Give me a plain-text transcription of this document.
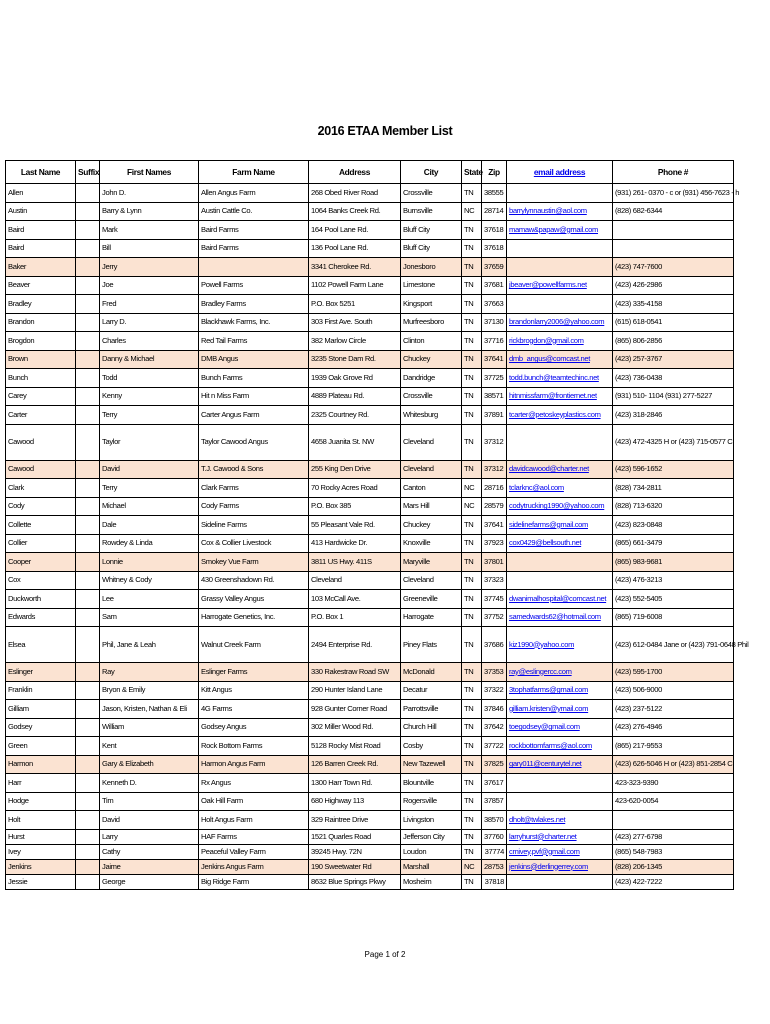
2016 ETAA Member List
Last Name	Suffix	First Names	Farm Name	Address	City	State	Zip	email address	Phone #
Allen		John D.	Allen Angus Farm	268 Obed River Road	Crossville	TN	38555		(931) 261- 0370 - c or (931) 456-7623 - h
Austin		Barry & Lynn	Austin Cattle Co.	1064 Banks Creek Rd.	Burnsville	NC	28714	barrylynnaustin@aol.com	(828) 682-6344
Baird		Mark	Baird Farms	164 Pool Lane Rd.	Bluff City	TN	37618	mamaw&papaw@gmail.com	
Baird		Bill	Baird Farms	136 Pool Lane Rd.	Bluff City	TN	37618		
Baker		Jerry		3341 Cherokee Rd.	Jonesboro	TN	37659		(423) 747-7600
Beaver		Joe	Powell Farms	1102 Powell Farm Lane	Limestone	TN	37681	jbeaver@powellfarms.net	(423) 426-2986
Bradley		Fred	Bradley Farms	P.O. Box 5251	Kingsport	TN	37663		(423) 335-4158
Brandon		Larry D.	Blackhawk Farms, Inc.	303 First Ave. South	Murfreesboro	TN	37130	brandonlarry2006@yahoo.com	(615) 618-0541
Brogdon		Charles	Red Tail Farms	382 Marlow Circle	Clinton	TN	37716	rickbrogdon@gmail.com	(865) 806-2856
Brown		Danny & Michael	DMB Angus	3235 Stone Dam Rd.	Chuckey	TN	37641	dmb_angus@comcast.net	(423) 257-3767
Bunch		Todd	Bunch Farms	1939 Oak Grove Rd	Dandridge	TN	37725	todd.bunch@teamtechinc.net	(423) 736-0438
Carey		Kenny	Hit n Miss Farm	4889 Plateau Rd.	Crossville	TN	38571	hitnmissfarm@frontiernet.net	(931) 510- 1104 (931) 277-5227
Carter		Terry	Carter Angus Farm	2325 Courtney Rd.	Whitesburg	TN	37891	tcarter@petoskeyplastics.com	(423) 318-2846
Cawood		Taylor	Taylor Cawood Angus	4658 Juanita St. NW	Cleveland	TN	37312		(423) 472-4325 H or (423) 715-0577 C
Cawood		David	T.J. Cawood & Sons	255 King Den Drive	Cleveland	TN	37312	davidcawood@charter.net	(423) 596-1652
Clark		Terry	Clark Farms	70 Rocky Acres Road	Canton	NC	28716	tclarknc@aol.com	(828) 734-2811
Cody		Michael	Cody Farms	P.O. Box 385	Mars Hill	NC	28579	codytrucking1990@yahoo.com	(828) 713-6320
Collette		Dale	Sideline Farms	55 Pleasant Vale Rd.	Chuckey	TN	37641	sidelinefarms@gmail.com	(423) 823-0848
Collier		Rowdey & Linda	Cox & Collier Livestock	413 Hardwicke Dr.	Knoxville	TN	37923	cox0429@bellsouth.net	(865) 661-3479
Cooper		Lonnie	Smokey Vue Farm	3811 US Hwy. 411S	Maryville	TN	37801		(865) 983-9681
Cox		Whitney & Cody	430 Greenshadown Rd.	Cleveland	Cleveland	TN	37323		(423) 476-3213
Duckworth		Lee	Grassy Valley Angus	103 McCall Ave.	Greeneville	TN	37745	dwanimalhospital@comcast.net	(423) 552-5405
Edwards		Sam	Harrogate Genetics, Inc.	P.O. Box 1	Harrogate	TN	37752	samedwards62@hotmail.com	(865) 719-6008
Elsea		Phil, Jane & Leah	Walnut Creek Farm	2494 Enterprise Rd.	Piney Flats	TN	37686	kiz1990@yahoo.com	(423) 612-0484 Jane or (423) 791-0648 Phil
Eslinger		Ray	Eslinger Farms	330 Rakestraw Road SW	McDonald	TN	37353	ray@eslingercc.com	(423) 595-1700
Franklin		Bryon & Emily	Kitt Angus	290 Hunter Island Lane	Decatur	TN	37322	3tophatfarms@gmail.com	(423) 506-9000
Gilliam		Jason, Kristen, Nathan & Eli	4G Farms	928 Gunter Corner Road	Parrottsville	TN	37846	gilliam.kristen@ymail.com	(423) 237-5122
Godsey		William	Godsey Angus	302 Miller Wood Rd.	Church Hill	TN	37642	toegodsey@gmail.com	(423) 276-4946
Green		Kent	Rock Bottom Farms	5128 Rocky Mist Road	Cosby	TN	37722	rockbottomfarms@aol.com	(865) 217-9553
Harmon		Gary & Elizabeth	Harmon Angus Farm	126 Barren Creek Rd.	New Tazewell	TN	37825	gary011@centurytel.net	(423) 626-5046 H or (423) 851-2854 C
Harr		Kenneth D.	Rx Angus	1300 Harr Town Rd.	Blountville	TN	37617		423-323-9390
Hodge		Tim	Oak Hill Farm	680 Highway 113	Rogersville	TN	37857		423-620-0054
Holt		David	Holt Angus Farm	329 Raintree Drive	Livingston	TN	38570	dholt@twlakes.net	
Hurst		Larry	HAF Farms	1521 Quarles Road	Jefferson City	TN	37760	larryhurst@charter.net	(423) 277-6798
Ivey		Cathy	Peaceful Valley Farm	39245 Hwy. 72N	Loudon	TN	37774	cmivey.pvf@gmail.com	(865) 548-7983
Jenkins		Jaime	Jenkins Angus Farm	190 Sweetwater Rd	Marshall	NC	28753	jenkins@derlingerrey.com	(828) 206-1345
Jessie		George	Big Ridge Farm	8632 Blue Springs Pkwy	Mosheim	TN	37818		(423) 422-7222
Page 1 of 2
